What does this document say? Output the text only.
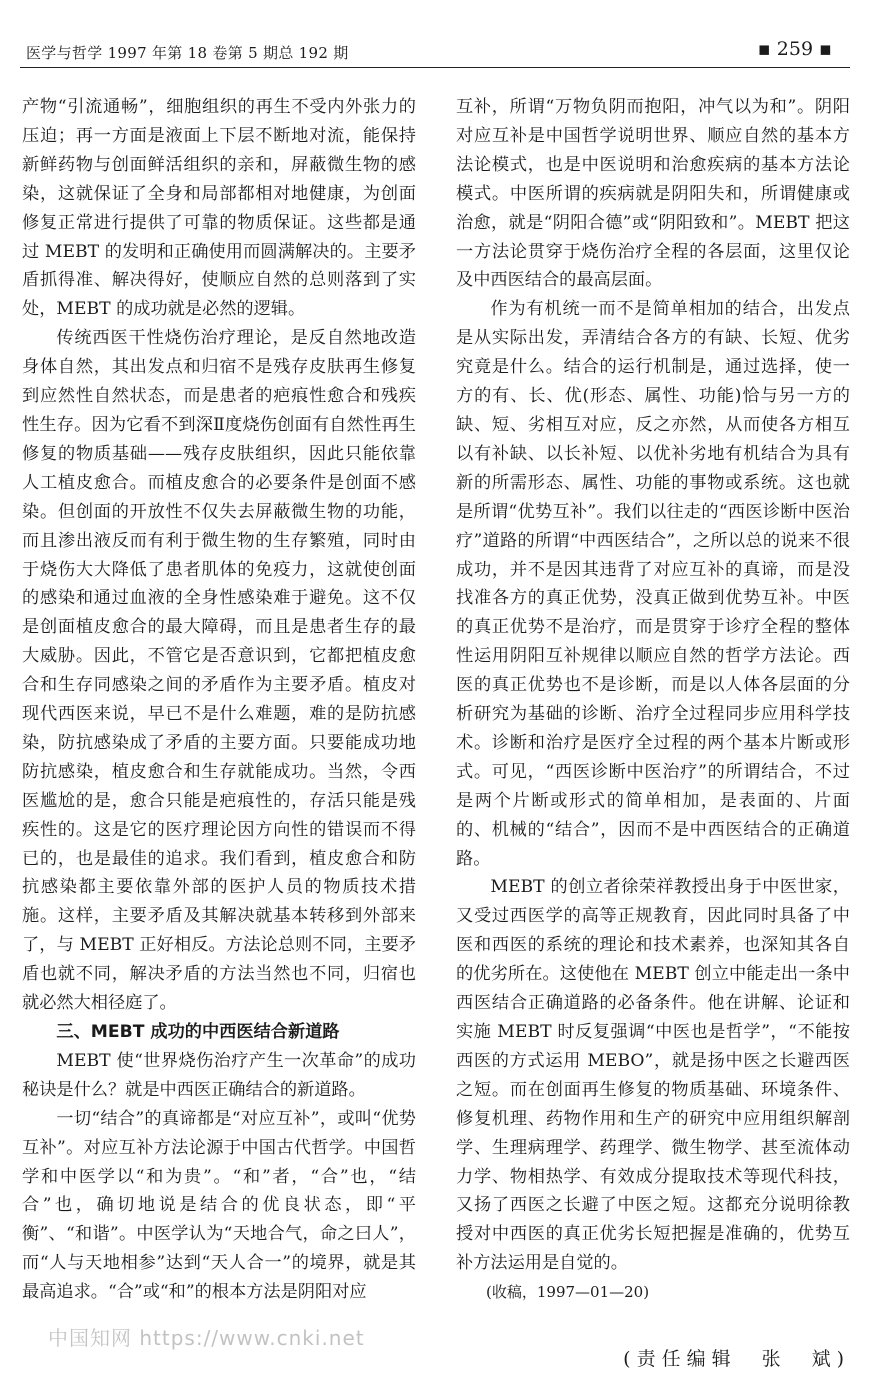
医学与哲学 1997 年第 18 卷第 5 期总 192 期	▪ 259 ▪

产物“引流通畅”，细胞组织的再生不受内外张力的压迫；再一方面是液面上下层不断地对流，能保持新鲜药物与创面鲜活组织的亲和，屏蔽微生物的感染，这就保证了全身和局部都相对地健康，为创面修复正常进行提供了可靠的物质保证。这些都是通过 MEBT 的发明和正确使用而圆满解决的。主要矛盾抓得准、解决得好，使顺应自然的总则落到了实处，MEBT 的成功就是必然的逻辑。

传统西医干性烧伤治疗理论，是反自然地改造身体自然，其出发点和归宿不是残存皮肤再生修复到应然性自然状态，而是患者的疤痕性愈合和残疾性生存。因为它看不到深Ⅱ度烧伤创面有自然性再生修复的物质基础——残存皮肤组织，因此只能依靠人工植皮愈合。而植皮愈合的必要条件是创面不感染。但创面的开放性不仅失去屏蔽微生物的功能，而且渗出液反而有利于微生物的生存繁殖，同时由于烧伤大大降低了患者肌体的免疫力，这就使创面的感染和通过血液的全身性感染难于避免。这不仅是创面植皮愈合的最大障碍，而且是患者生存的最大威胁。因此，不管它是否意识到，它都把植皮愈合和生存同感染之间的矛盾作为主要矛盾。植皮对现代西医来说，早已不是什么难题，难的是防抗感染，防抗感染成了矛盾的主要方面。只要能成功地防抗感染，植皮愈合和生存就能成功。当然，令西医尴尬的是，愈合只能是疤痕性的，存活只能是残疾性的。这是它的医疗理论因方向性的错误而不得已的，也是最佳的追求。我们看到，植皮愈合和防抗感染都主要依靠外部的医护人员的物质技术措施。这样，主要矛盾及其解决就基本转移到外部来了，与 MEBT 正好相反。方法论总则不同，主要矛盾也就不同，解决矛盾的方法当然也不同，归宿也就必然大相径庭了。

三、MEBT 成功的中西医结合新道路

MEBT 使“世界烧伤治疗产生一次革命”的成功秘诀是什么？就是中西医正确结合的新道路。

一切“结合”的真谛都是“对应互补”，或叫“优势互补”。对应互补方法论源于中国古代哲学。中国哲学和中医学以“和为贵”。“和”者，“合”也，“结合”也，确切地说是结合的优良状态，即“平衡”、“和谐”。中医学认为“天地合气，命之曰人”，而“人与天地相参”达到“天人合一”的境界，就是其最高追求。“合”或“和”的根本方法是阴阳对应

互补，所谓“万物负阴而抱阳，冲气以为和”。阴阳对应互补是中国哲学说明世界、顺应自然的基本方法论模式，也是中医说明和治愈疾病的基本方法论模式。中医所谓的疾病就是阴阳失和，所谓健康或治愈，就是“阴阳合德”或“阴阳致和”。MEBT 把这一方法论贯穿于烧伤治疗全程的各层面，这里仅论及中西医结合的最高层面。

作为有机统一而不是简单相加的结合，出发点是从实际出发，弄清结合各方的有缺、长短、优劣究竟是什么。结合的运行机制是，通过选择，使一方的有、长、优(形态、属性、功能)恰与另一方的缺、短、劣相互对应，反之亦然，从而使各方相互以有补缺、以长补短、以优补劣地有机结合为具有新的所需形态、属性、功能的事物或系统。这也就是所谓“优势互补”。我们以往走的“西医诊断中医治疗”道路的所谓“中西医结合”，之所以总的说来不很成功，并不是因其违背了对应互补的真谛，而是没找准各方的真正优势，没真正做到优势互补。中医的真正优势不是治疗，而是贯穿于诊疗全程的整体性运用阴阳互补规律以顺应自然的哲学方法论。西医的真正优势也不是诊断，而是以人体各层面的分析研究为基础的诊断、治疗全过程同步应用科学技术。诊断和治疗是医疗全过程的两个基本片断或形式。可见，“西医诊断中医治疗”的所谓结合，不过是两个片断或形式的简单相加，是表面的、片面的、机械的“结合”，因而不是中西医结合的正确道路。

MEBT 的创立者徐荣祥教授出身于中医世家，又受过西医学的高等正规教育，因此同时具备了中医和西医的系统的理论和技术素养，也深知其各自的优劣所在。这使他在 MEBT 创立中能走出一条中西医结合正确道路的必备条件。他在讲解、论证和实施 MEBT 时反复强调“中医也是哲学”，“不能按西医的方式运用 MEBO”，就是扬中医之长避西医之短。而在创面再生修复的物质基础、环境条件、修复机理、药物作用和生产的研究中应用组织解剖学、生理病理学、药理学、微生物学、甚至流体动力学、物相热学、有效成分提取技术等现代科技，又扬了西医之长避了中医之短。这都充分说明徐教授对中西医的真正优劣长短把握是准确的，优势互补方法运用是自觉的。

(收稿，1997—01—20)

中国知网 https://www.cnki.net
(责任编辑　张　斌)
